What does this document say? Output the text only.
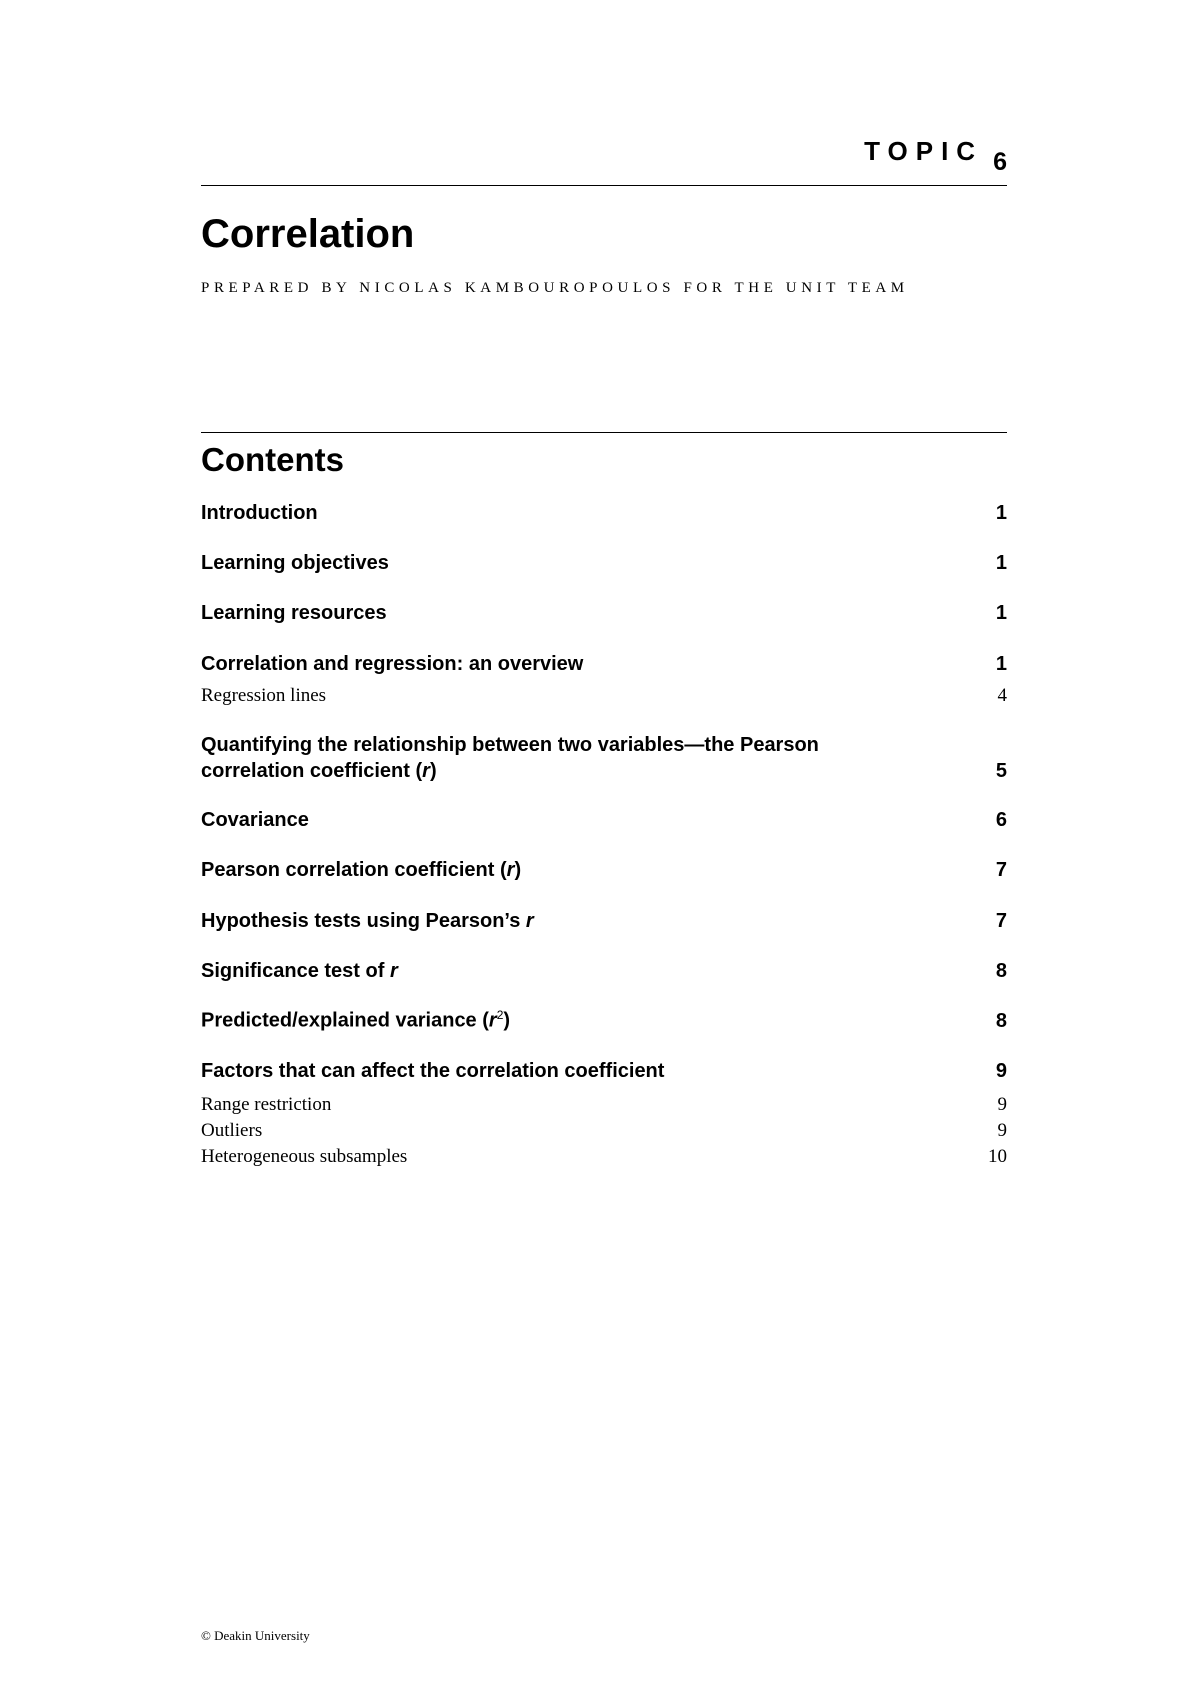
TOPIC 6
Correlation
PREPARED BY NICOLAS KAMBOUROPOULOS FOR THE UNIT TEAM
Contents
Introduction	1
Learning objectives	1
Learning resources	1
Correlation and regression: an overview	1
Regression lines	4
Quantifying the relationship between two variables—the Pearson
correlation coefficient (r)	5
Covariance	6
Pearson correlation coefficient (r)	7
Hypothesis tests using Pearson’s r	7
Significance test of r	8
Predicted/explained variance $(r^2)$	8
Factors that can affect the correlation coefficient	9
Range restriction	9
Outliers	9
Heterogeneous subsamples	10
© Deakin University
